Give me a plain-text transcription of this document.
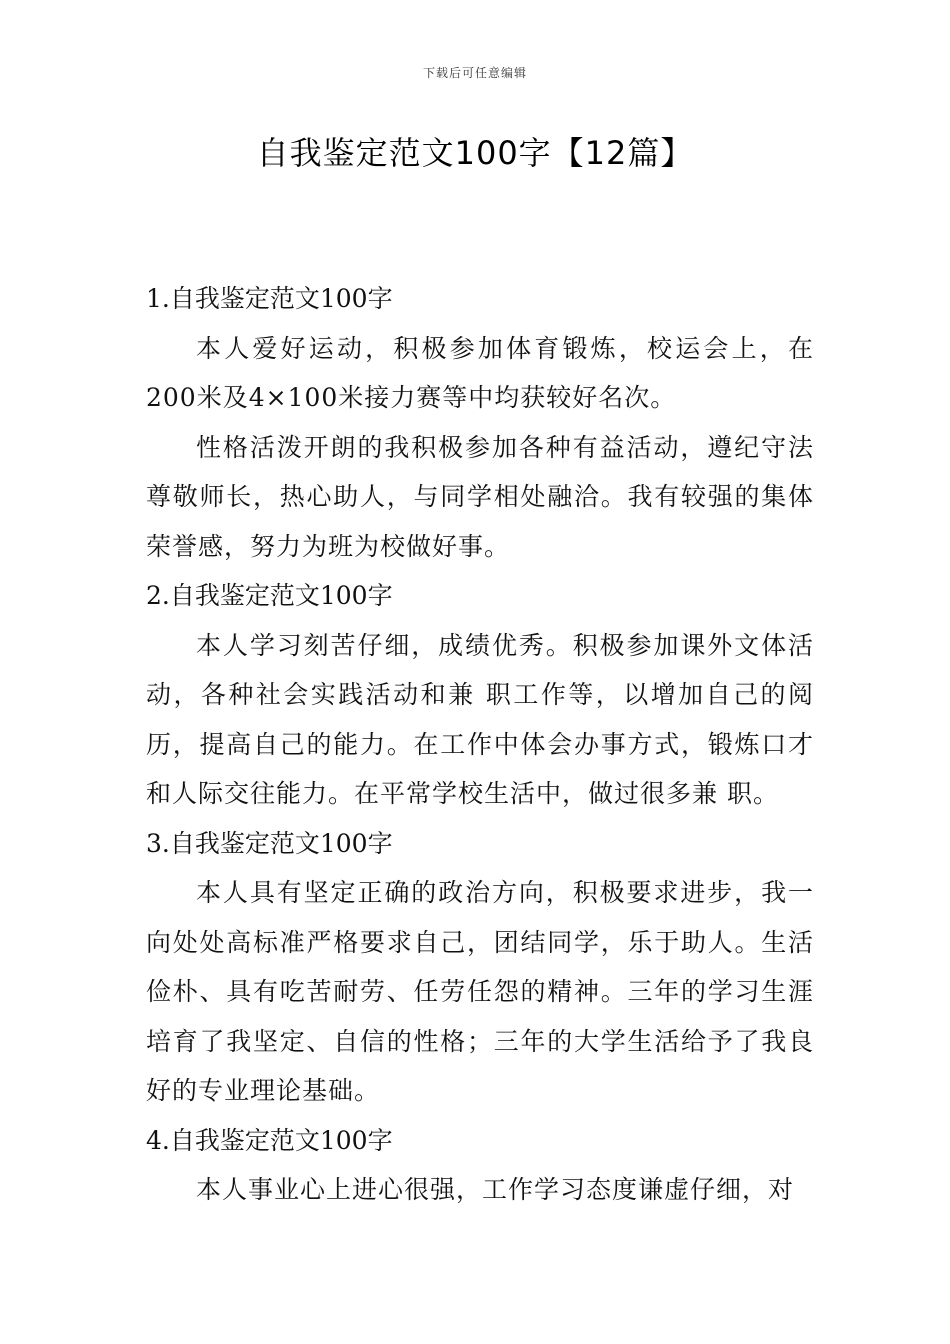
下载后可任意编辑
自我鉴定范文100字【12篇】
1.自我鉴定范文100字

本人爱好运动，积极参加体育锻炼，校运会上，在200米及4×100米接力赛等中均获较好名次。

性格活泼开朗的我积极参加各种有益活动，遵纪守法尊敬师长，热心助人，与同学相处融洽。我有较强的集体荣誉感，努力为班为校做好事。

2.自我鉴定范文100字

本人学习刻苦仔细，成绩优秀。积极参加课外文体活动，各种社会实践活动和兼 职工作等，以增加自己的阅历，提高自己的能力。在工作中体会办事方式，锻炼口才和人际交往能力。在平常学校生活中，做过很多兼 职。

3.自我鉴定范文100字

本人具有坚定正确的政治方向，积极要求进步，我一向处处高标准严格要求自己，团结同学，乐于助人。生活俭朴、具有吃苦耐劳、任劳任怨的精神。三年的学习生涯培育了我坚定、自信的性格；三年的大学生活给予了我良好的专业理论基础。

4.自我鉴定范文100字

本人事业心上进心很强，工作学习态度谦虚仔细，对
